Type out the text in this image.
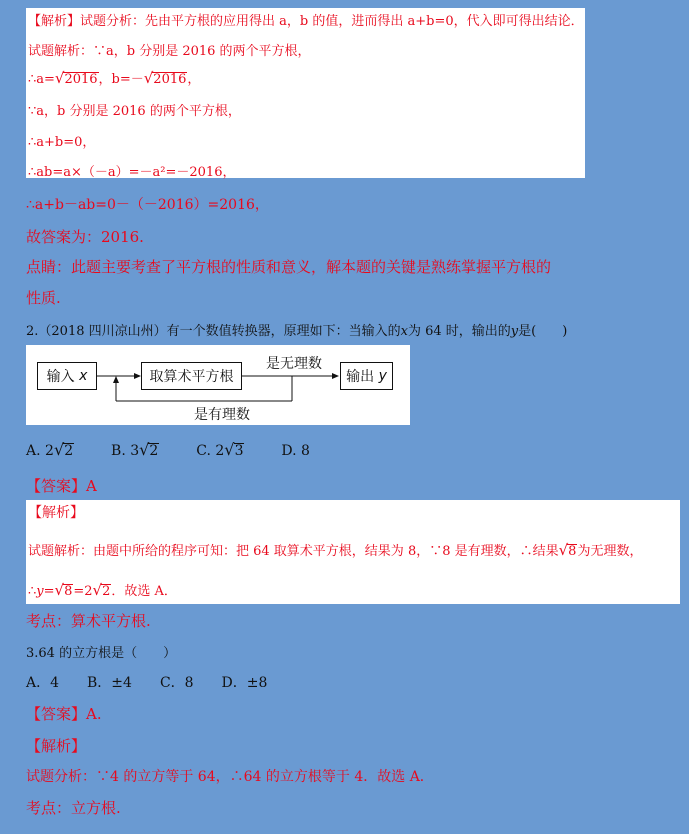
【解析】试题分析：先由平方根的应用得出 a，b 的值，进而得出 a+b=0，代入即可得出结论．
试题解析：∵a，b 分别是 2016 的两个平方根，
∴a=√2016，b=－√2016，
∵a，b 分别是 2016 的两个平方根，
∴a+b=0，
∴ab=a×（－a）=－a²=－2016，
∴a+b－ab=0－（－2016）=2016，
故答案为：2016.
点睛：此题主要考查了平方根的性质和意义，解本题的关键是熟练掌握平方根的
性质.
2.（2018 四川凉山州）有一个数值转换器，原理如下：当输入的x为 64 时，输出的y是(　　)
输入
x	取算术平方根
是无理数
输出
y
是有理数
A. 2√2	B. 3√2	C. 2√3	D. 8
【答案】A
【解析】
试题解析：由题中所给的程序可知：把 64 取算术平方根，结果为 8，∵8 是有理数，∴结果√8为无理数，
∴y=√8=2√2．故选 A．
考点：算术平方根.
3.64 的立方根是（　　）
A．4　　B．±4　　C．8　　D．±8
【答案】A.
【解析】
试题分析：∵4 的立方等于 64，∴64 的立方根等于 4．故选 A．
考点：立方根.
